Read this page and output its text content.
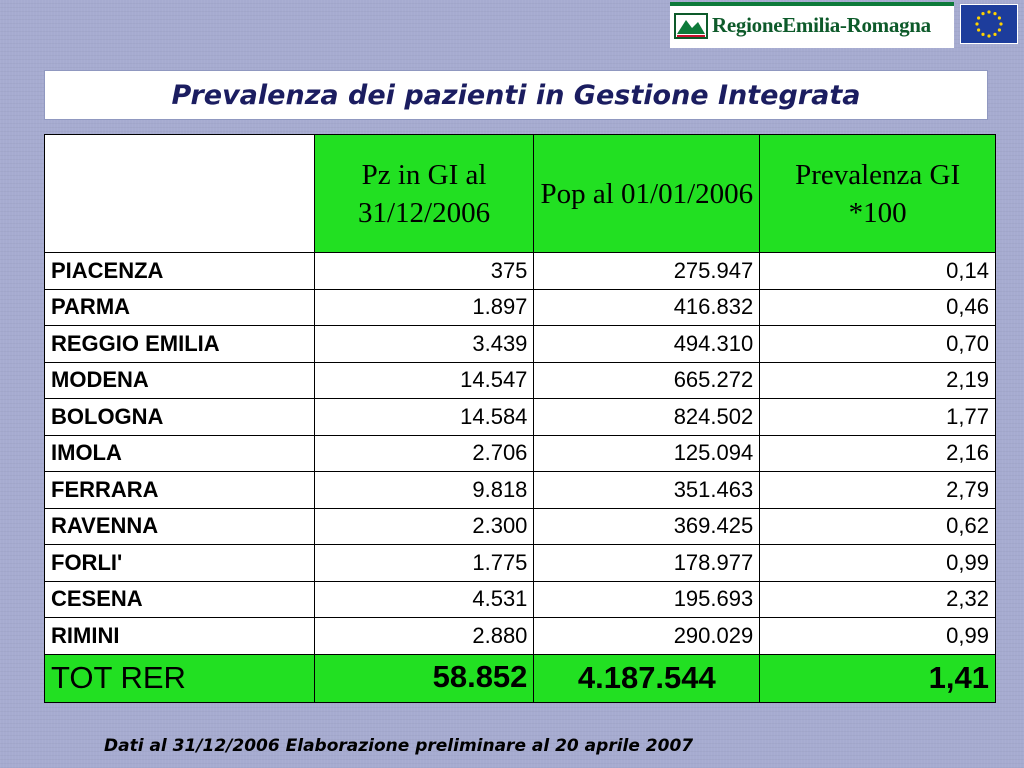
RegioneEmilia-Romagna
Prevalenza dei pazienti in Gestione Integrata
	Pz in GI al 31/12/2006	Pop al 01/01/2006	Prevalenza GI *100
PIACENZA	375	275.947	0,14
PARMA	1.897	416.832	0,46
REGGIO EMILIA	3.439	494.310	0,70
MODENA	14.547	665.272	2,19
BOLOGNA	14.584	824.502	1,77
IMOLA	2.706	125.094	2,16
FERRARA	9.818	351.463	2,79
RAVENNA	2.300	369.425	0,62
FORLI'	1.775	178.977	0,99
CESENA	4.531	195.693	2,32
RIMINI	2.880	290.029	0,99
TOT RER	58.852	4.187.544	1,41
Dati al 31/12/2006 Elaborazione preliminare al 20 aprile 2007
